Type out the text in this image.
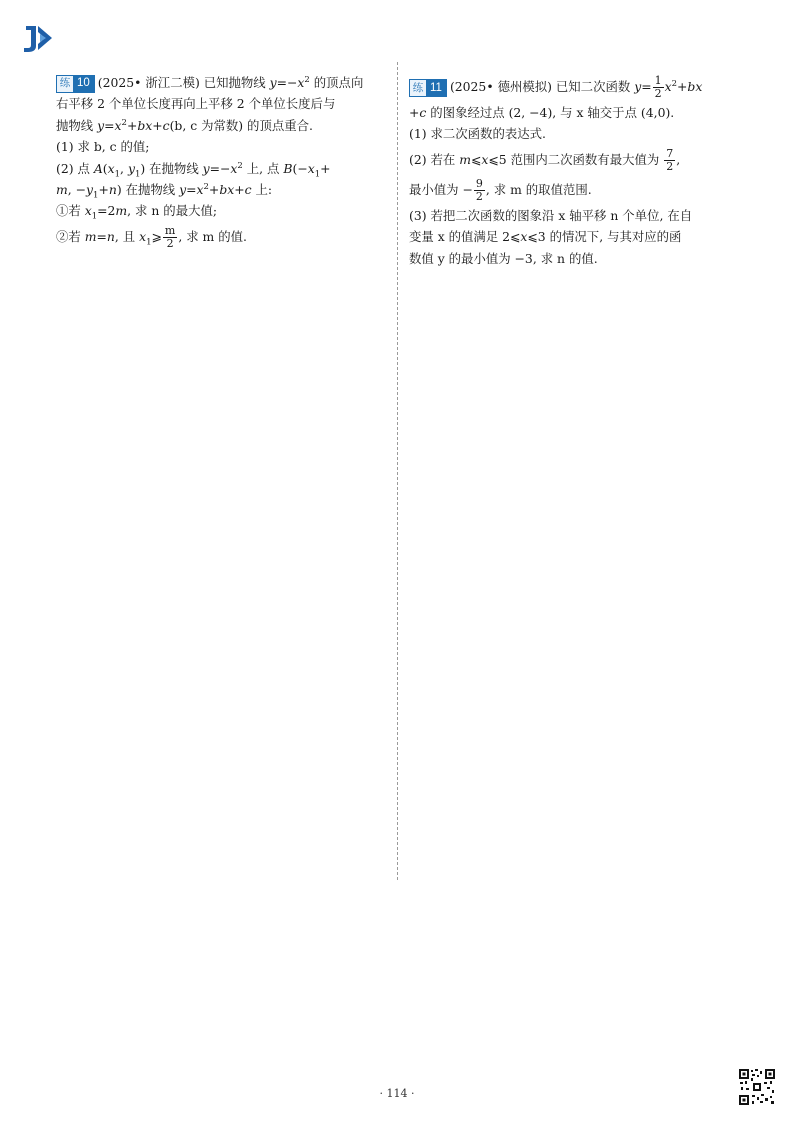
练 10 (2025• 浙江二模) 已知抛物线 $y=-x^2$ 的顶点向

右平移 2 个单位长度再向上平移 2 个单位长度后与

抛物线 $y=x^2+bx+c(b$, c 为常数) 的顶点重合.

(1) 求 b, c 的值;

(2) 点 $A(x_1$, $y_1$) 在抛物线 $y=-x^2$ 上, 点 $B(-x_1+$

m, $-y_1+n$) 在抛物线 $y=x^2+bx+c$ 上:

①若 $x_1=2m$, 求 n 的最大值;

②若 m=n, 且 $x_1⩾ \frac{m}{2}$ , 求 m 的值.

练 11 (2025• 德州模拟) 已知二次函数 $y= \frac{1}{2} x^2+bx$

+c 的图象经过点 (2, −4), 与 x 轴交于点 (4,0).

(1) 求二次函数的表达式.

(2) 若在 m⩽x⩽5 范围内二次函数有最大值为 $\frac{7}{2}$ ,

最小值为 − $\frac{9}{2}$ , 求 m 的取值范围.

(3) 若把二次函数的图象沿 x 轴平移 n 个单位, 在自

变量 x 的值满足 2⩽x⩽3 的情况下, 与其对应的函

数值 y 的最小值为 −3, 求 n 的值.

· 114 ·
